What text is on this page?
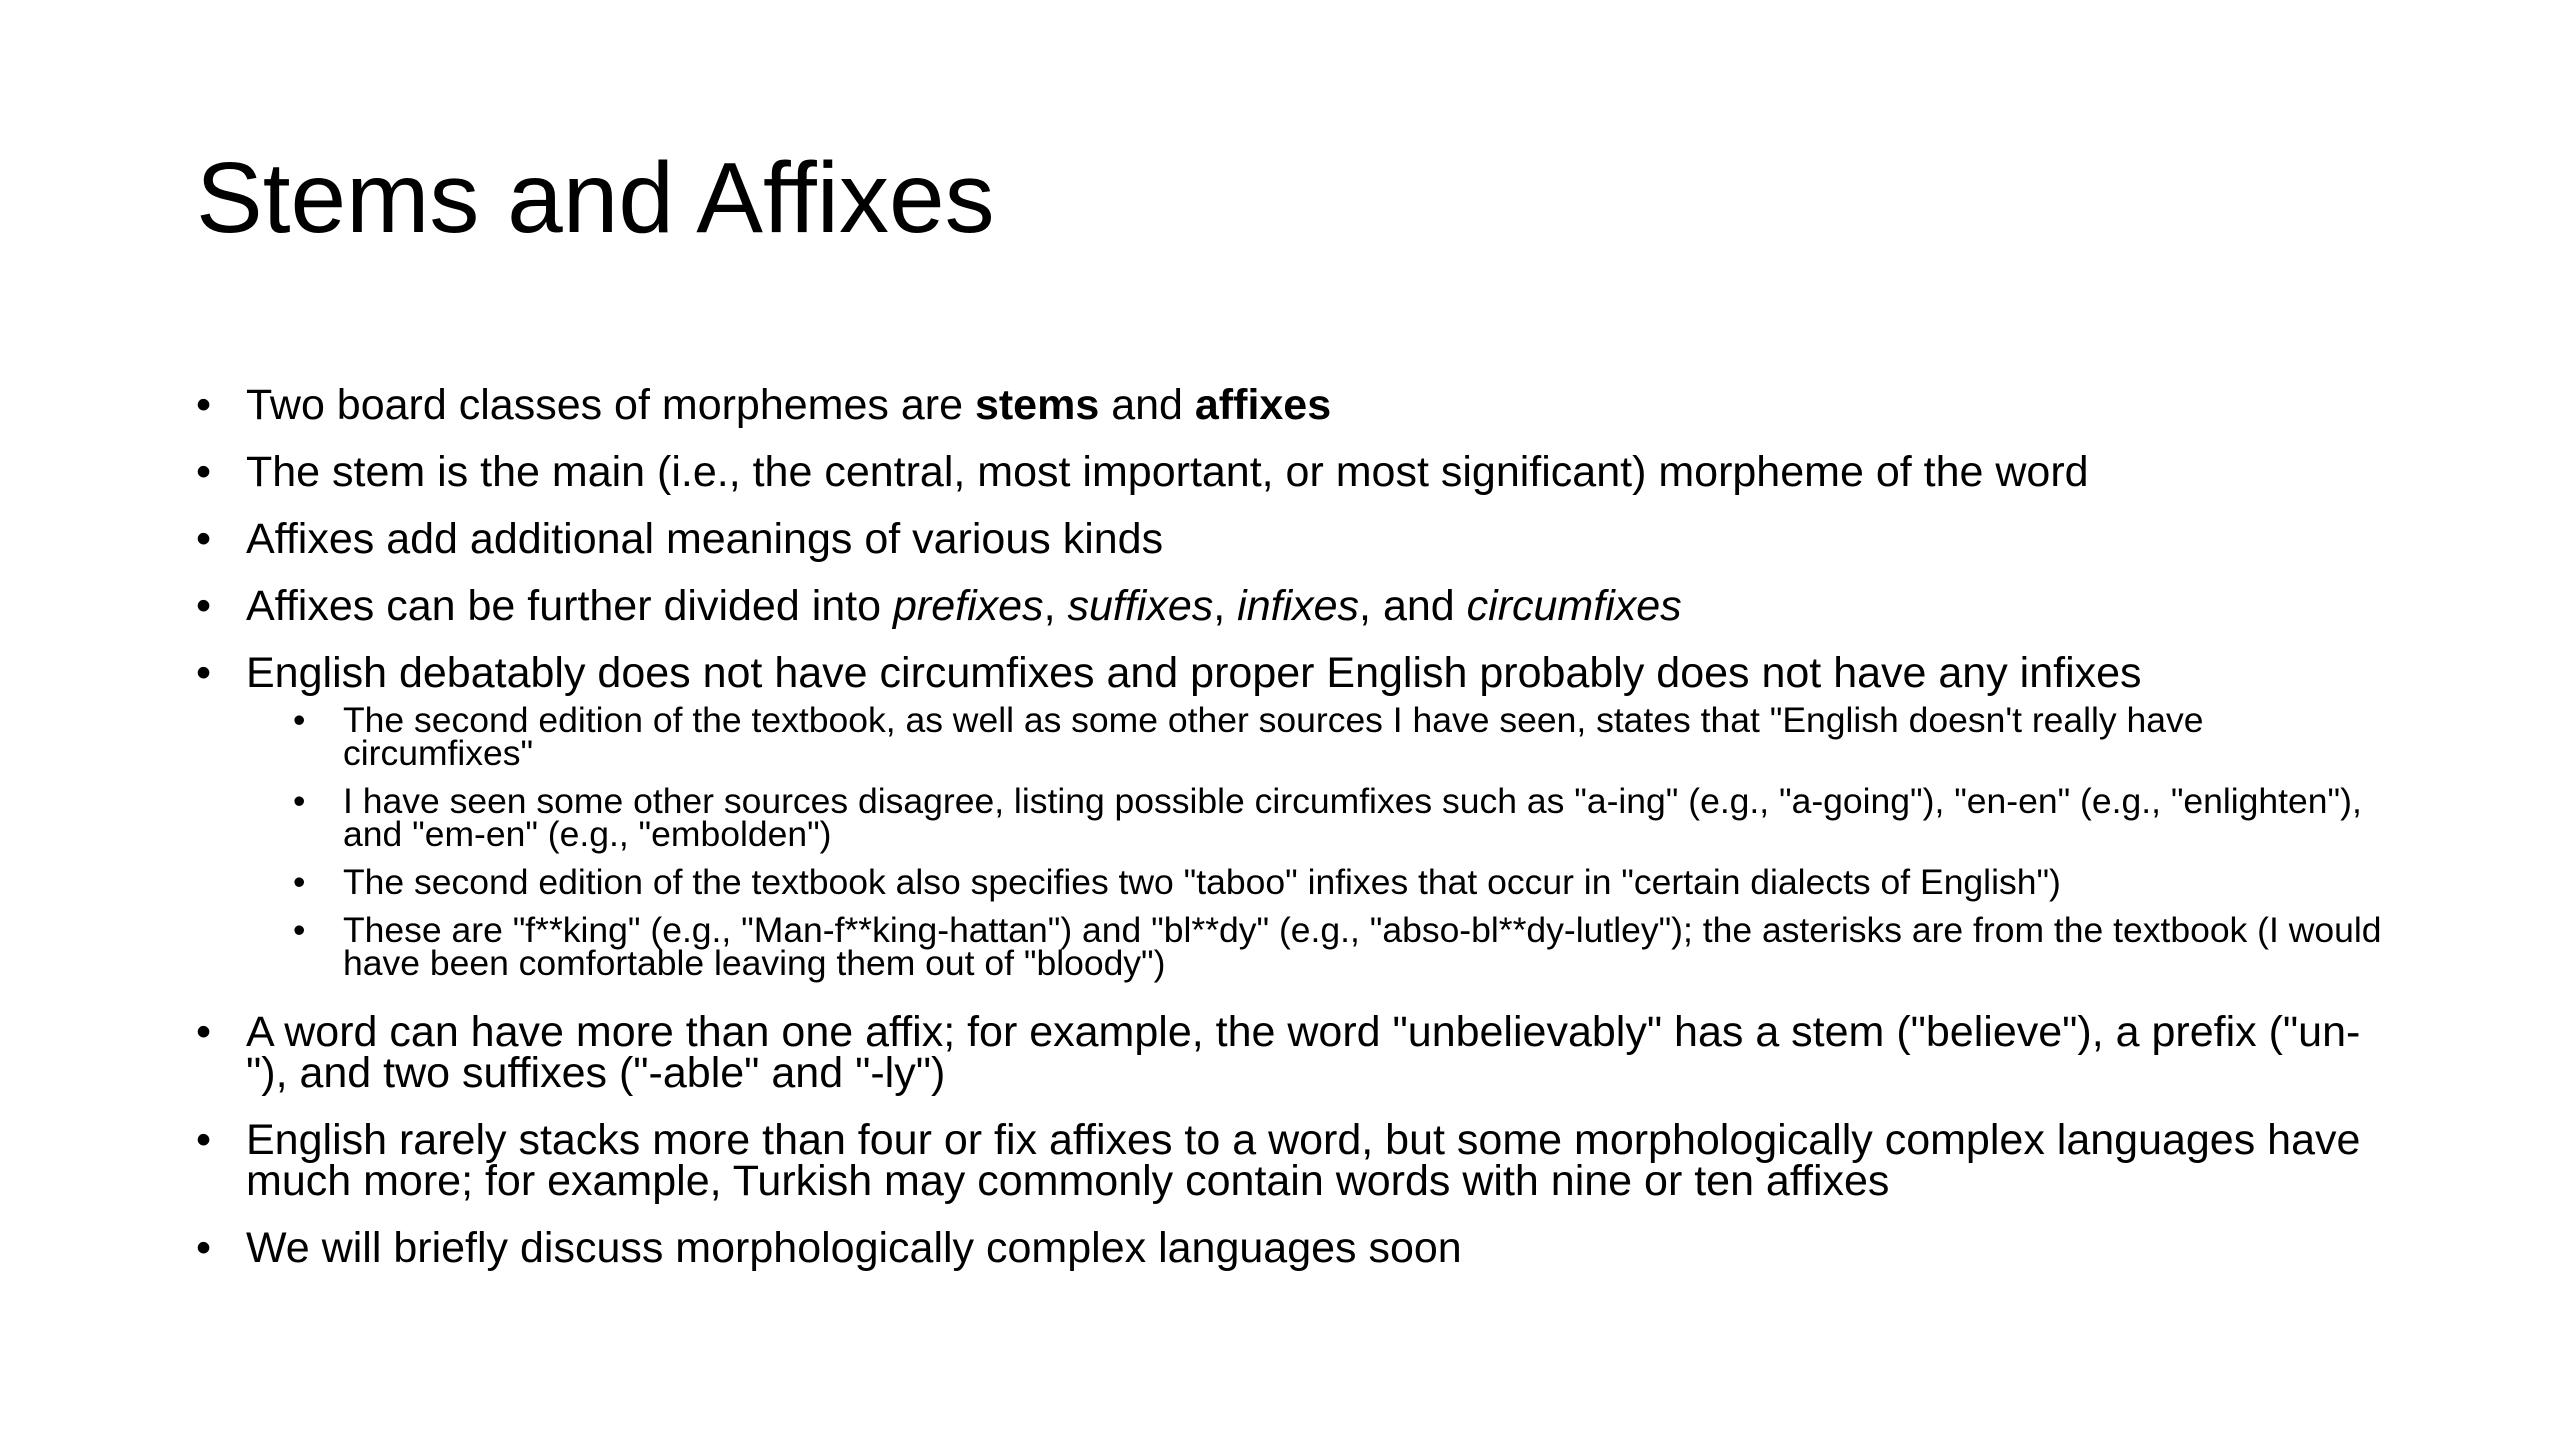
Stems and Affixes
• Two board classes of morphemes are stems and affixes
• The stem is the main (i.e., the central, most important, or most significant) morpheme of the word
• Affixes add additional meanings of various kinds
• Affixes can be further divided into prefixes, suffixes, infixes, and circumfixes
• English debatably does not have circumfixes and proper English probably does not have any infixes
• The second edition of the textbook, as well as some other sources I have seen, states that "English doesn't really have circumfixes"
• I have seen some other sources disagree, listing possible circumfixes such as "a-ing" (e.g., "a-going"), "en-en" (e.g., "enlighten"), and "em-en" (e.g., "embolden")
• The second edition of the textbook also specifies two "taboo" infixes that occur in "certain dialects of English")
• These are "f**king" (e.g., "Man-f**king-hattan") and "bl**dy" (e.g., "abso-bl**dy-lutley"); the asterisks are from the textbook (I would have been comfortable leaving them out of "bloody")
• A word can have more than one affix; for example, the word "unbelievably" has a stem ("believe"), a prefix ("un-"), and two suffixes ("-able" and "-ly")
• English rarely stacks more than four or fix affixes to a word, but some morphologically complex languages have much more; for example, Turkish may commonly contain words with nine or ten affixes
• We will briefly discuss morphologically complex languages soon
